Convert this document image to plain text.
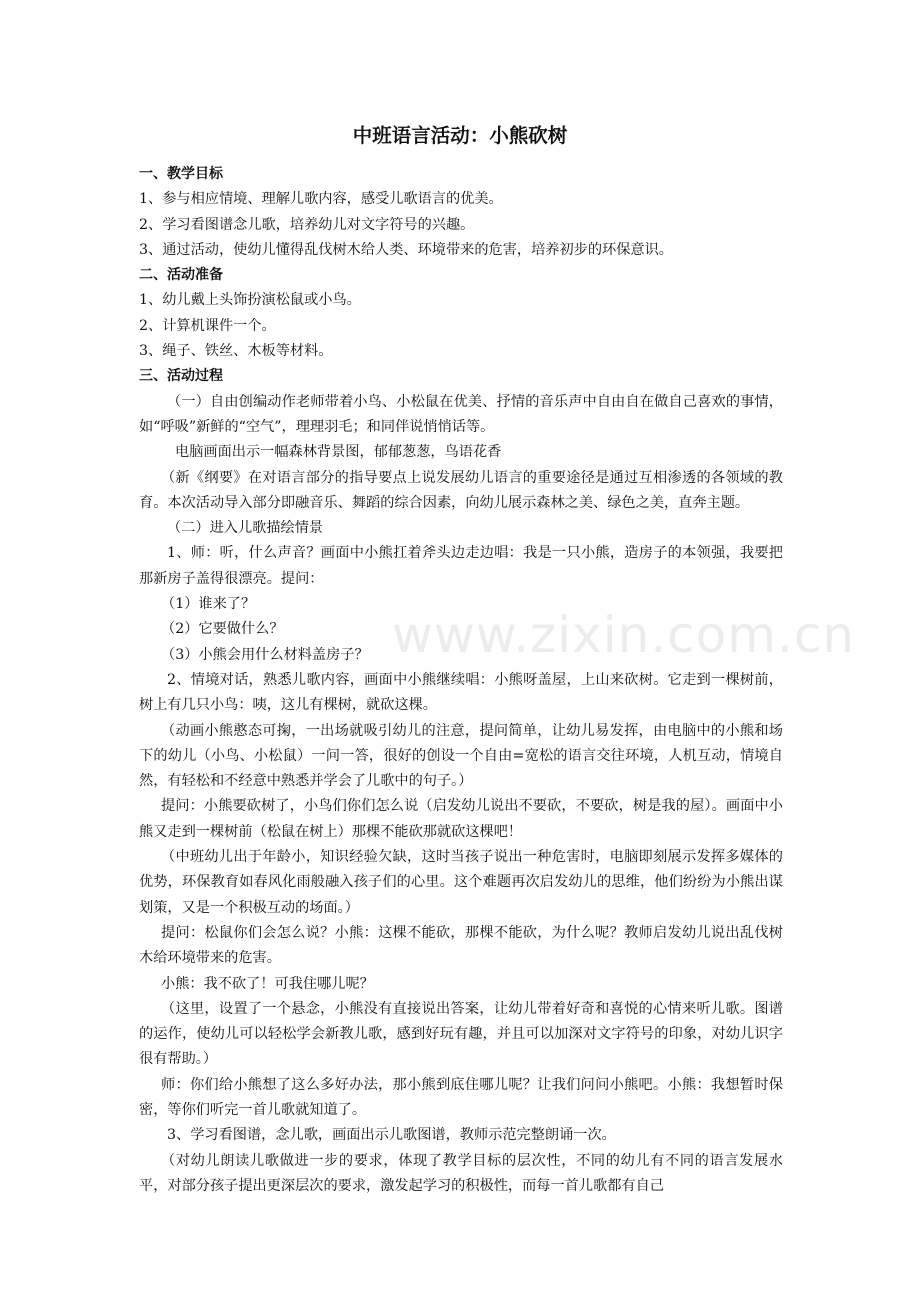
中班语言活动：小熊砍树

一、教学目标

1、参与相应情境、理解儿歌内容，感受儿歌语言的优美。

2、学习看图谱念儿歌，培养幼儿对文字符号的兴趣。

3、通过活动，使幼儿懂得乱伐树木给人类、环境带来的危害，培养初步的环保意识。

二、活动准备

1、幼儿戴上头饰扮演松鼠或小鸟。

2、计算机课件一个。

3、绳子、铁丝、木板等材料。

三、活动过程

（一）自由创编动作老师带着小鸟、小松鼠在优美、抒情的音乐声中自由自在做自己喜欢的事情，如“呼吸”新鲜的“空气”，理理羽毛；和同伴说悄悄话等。

电脑画面出示一幅森林背景图，郁郁葱葱，鸟语花香

（新《纲要》在对语言部分的指导要点上说发展幼儿语言的重要途径是通过互相渗透的各领域的教育。本次活动导入部分即融音乐、舞蹈的综合因素，向幼儿展示森林之美、绿色之美，直奔主题。

（二）进入儿歌描绘情景

1、师：听，什么声音？画面中小熊扛着斧头边走边唱：我是一只小熊，造房子的本领强，我要把那新房子盖得很漂亮。提问：

（1）谁来了？

（2）它要做什么？

（3）小熊会用什么材料盖房子？

2、情境对话，熟悉儿歌内容，画面中小熊继续唱：小熊呀盖屋，上山来砍树。它走到一棵树前，树上有几只小鸟：咦，这儿有棵树，就砍这棵。

（动画小熊憨态可掬，一出场就吸引幼儿的注意，提问简单，让幼儿易发挥，由电脑中的小熊和场下的幼儿（小鸟、小松鼠）一问一答，很好的创设一个自由=宽松的语言交往环境，人机互动，情境自然，有轻松和不经意中熟悉并学会了儿歌中的句子。）

提问：小熊要砍树了，小鸟们你们怎么说（启发幼儿说出不要砍，不要砍，树是我的屋）。画面中小熊又走到一棵树前（松鼠在树上）那棵不能砍那就砍这棵吧！

（中班幼儿出于年龄小，知识经验欠缺，这时当孩子说出一种危害时，电脑即刻展示发挥多媒体的优势，环保教育如春风化雨般融入孩子们的心里。这个难题再次启发幼儿的思维，他们纷纷为小熊出谋划策，又是一个积极互动的场面。）

提问：松鼠你们会怎么说？小熊：这棵不能砍，那棵不能砍，为什么呢？教师启发幼儿说出乱伐树木给环境带来的危害。

小熊：我不砍了！可我住哪儿呢？

（这里，设置了一个悬念，小熊没有直接说出答案，让幼儿带着好奇和喜悦的心情来听儿歌。图谱的运作，使幼儿可以轻松学会新教儿歌，感到好玩有趣，并且可以加深对文字符号的印象，对幼儿识字很有帮助。）

师：你们给小熊想了这么多好办法，那小熊到底住哪儿呢？让我们问问小熊吧。小熊：我想暂时保密，等你们听完一首儿歌就知道了。

3、学习看图谱，念儿歌，画面出示儿歌图谱，教师示范完整朗诵一次。

（对幼儿朗读儿歌做进一步的要求，体现了教学目标的层次性，不同的幼儿有不同的语言发展水平，对部分孩子提出更深层次的要求，激发起学习的积极性，而每一首儿歌都有自己

www.zixin.com.cn
